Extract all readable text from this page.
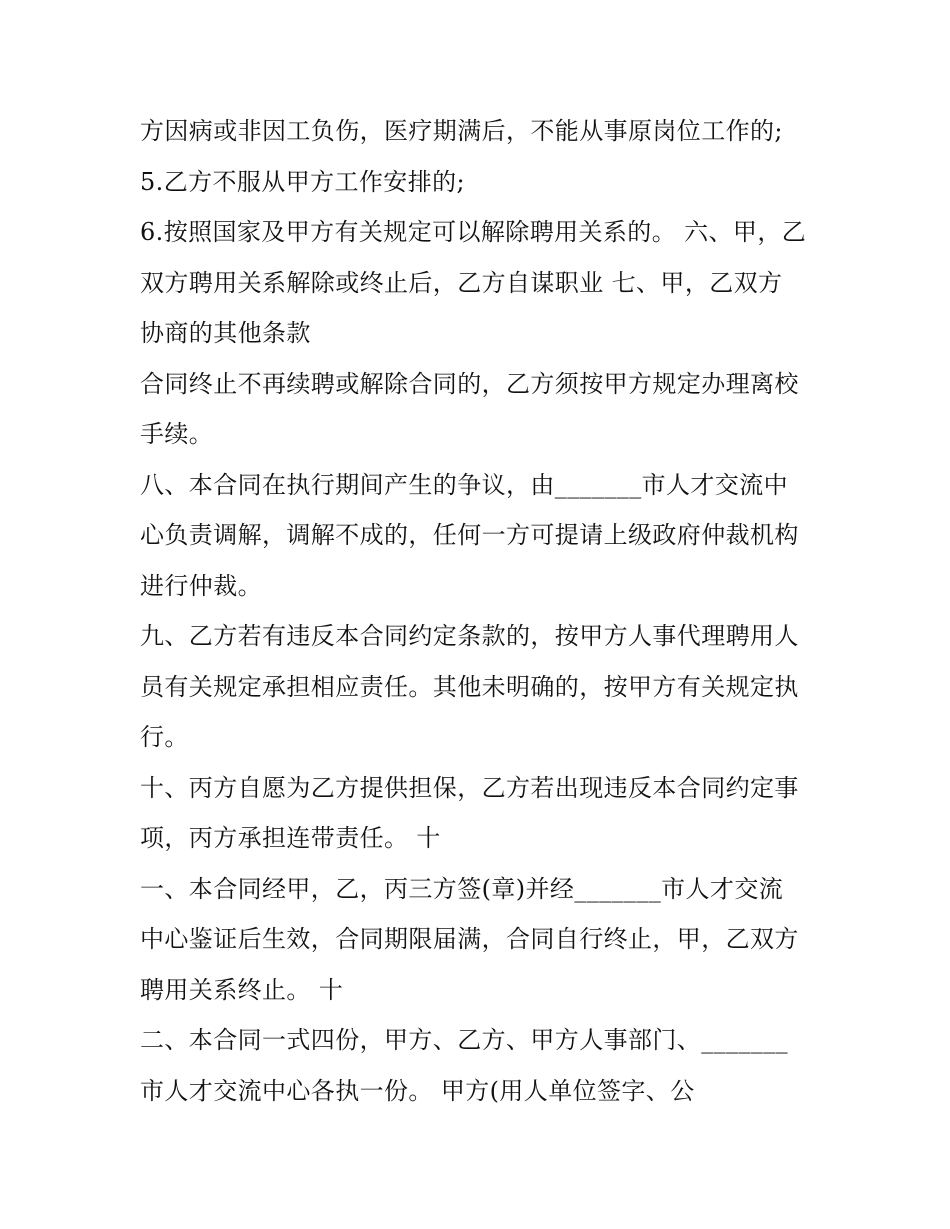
方因病或非因工负伤，医疗期满后，不能从事原岗位工作的;
5.乙方不服从甲方工作安排的;
6.按照国家及甲方有关规定可以解除聘用关系的。 六、甲，乙
双方聘用关系解除或终止后，乙方自谋职业 七、甲，乙双方
协商的其他条款
合同终止不再续聘或解除合同的，乙方须按甲方规定办理离校
手续。
八、本合同在执行期间产生的争议，由_______市人才交流中
心负责调解，调解不成的，任何一方可提请上级政府仲裁机构
进行仲裁。
九、乙方若有违反本合同约定条款的，按甲方人事代理聘用人
员有关规定承担相应责任。其他未明确的，按甲方有关规定执
行。
十、丙方自愿为乙方提供担保，乙方若出现违反本合同约定事
项，丙方承担连带责任。 十
一、本合同经甲，乙，丙三方签(章)并经_______市人才交流
中心鉴证后生效，合同期限届满，合同自行终止，甲，乙双方
聘用关系终止。 十
二、本合同一式四份，甲方、乙方、甲方人事部门、_______
市人才交流中心各执一份。 甲方(用人单位签字、公
